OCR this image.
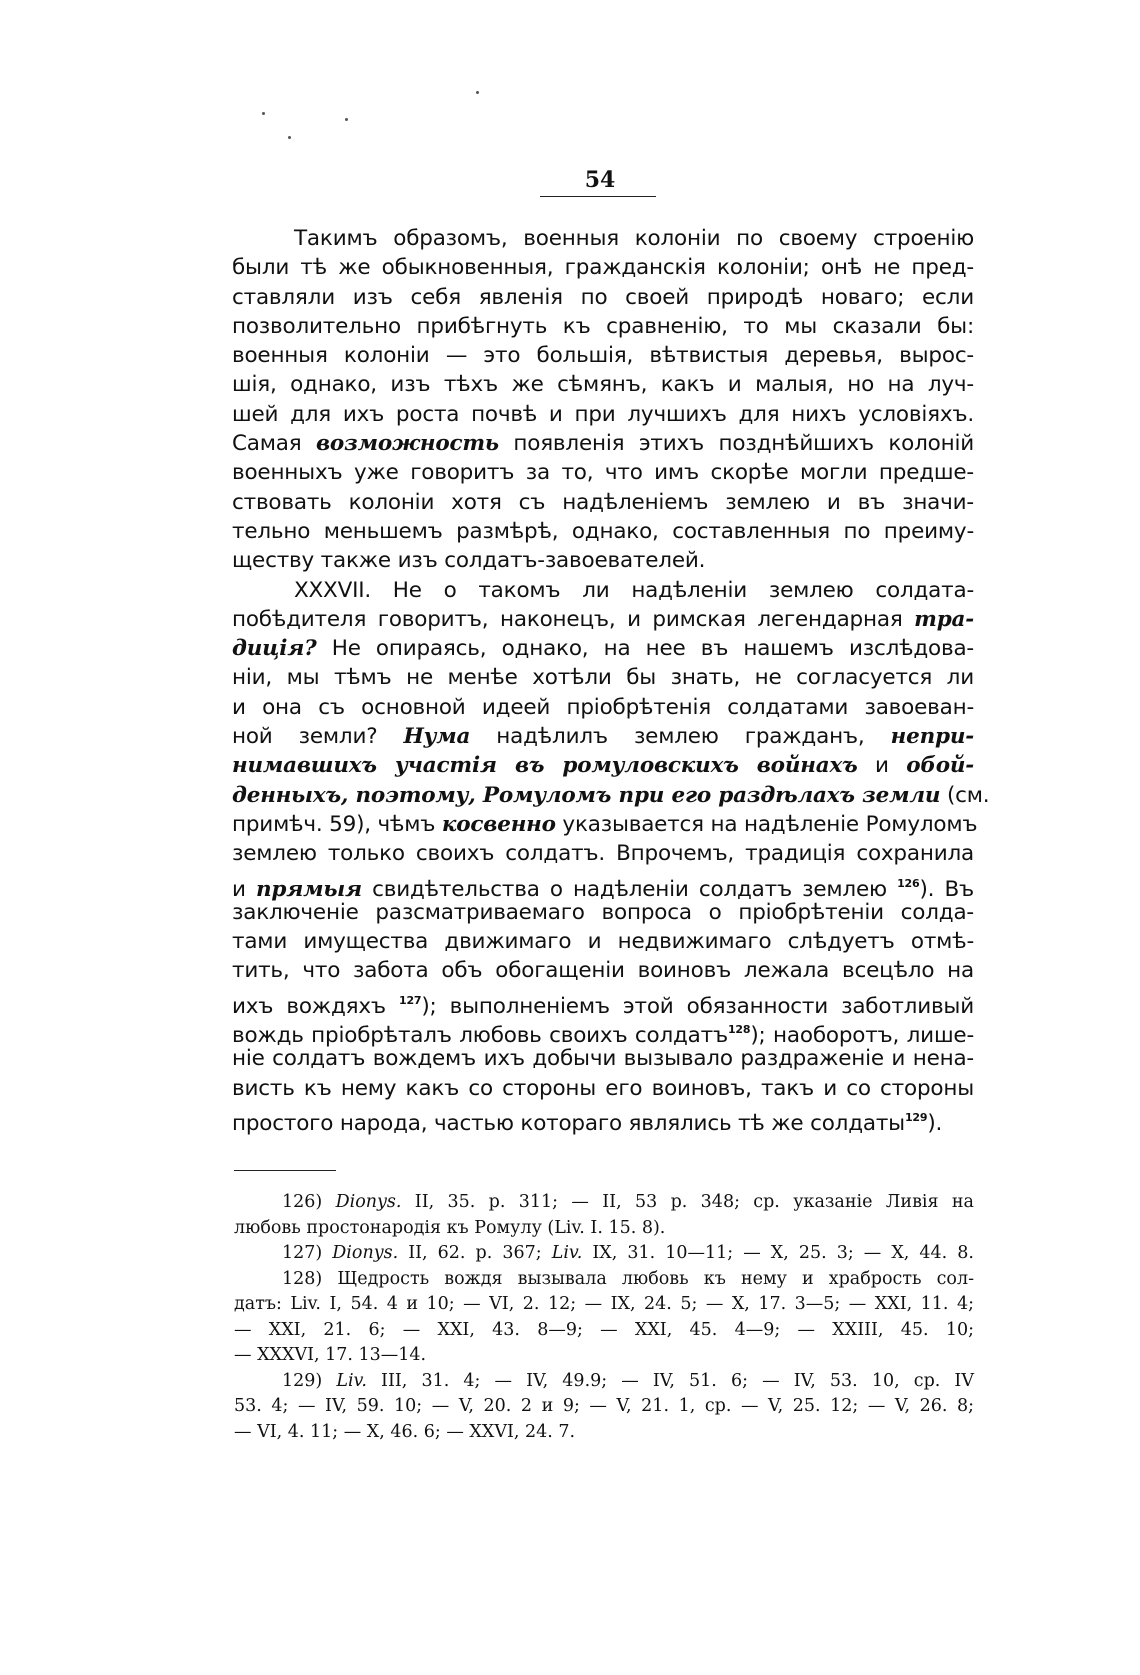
54
Такимъ образомъ, военныя колоніи по своему строенію
были тѣ же обыкновенныя, гражданскія колоніи; онѣ не пред-
ставляли изъ себя явленія по своей природѣ новаго; если
позволительно прибѣгнуть къ сравненію, то мы сказали бы:
военныя колоніи — это большія, вѣтвистыя деревья, вырос-
шія, однако, изъ тѣхъ же сѣмянъ, какъ и малыя, но на луч-
шей для ихъ роста почвѣ и при лучшихъ для нихъ условіяхъ.
Самая возможность появленія этихъ позднѣйшихъ колоній
военныхъ уже говоритъ за то, что имъ скорѣе могли предше-
ствовать колоніи хотя съ надѣленіемъ землею и въ значи-
тельно меньшемъ размѣрѣ, однако, составленныя по преиму-
ществу также изъ солдатъ-завоевателей.
XXXVII. Не о такомъ ли надѣленіи землею солдата-
побѣдителя говоритъ, наконецъ, и римская легендарная тра-
дицiя? Не опираясь, однако, на нее въ нашемъ изслѣдова-
ніи, мы тѣмъ не менѣе хотѣли бы знать, не согласуется ли
и она съ основной идеей пріобрѣтенія солдатами завоеван-
ной земли? Нума надѣлилъ землею гражданъ, непри-
нимавшихъ участія въ ромуловскихъ войнахъ и обой-
денныхъ, поэтому, Ромуломъ при его раздѣлахъ земли (см.
примѣч. 59), чѣмъ косвенно указывается на надѣленіе Ромуломъ
землею только своихъ солдатъ. Впрочемъ, традиція сохранила
и прямыя свидѣтельства о надѣленіи солдатъ землею $^{126}$). Въ
заключеніе разсматриваемаго вопроса о пріобрѣтеніи солда-
тами имущества движимаго и недвижимаго слѣдуетъ отмѣ-
тить, что забота объ обогащеніи воиновъ лежала всецѣло на
ихъ вождяхъ $^{127}$); выполненіемъ этой обязанности заботливый
вождь пріобрѣталъ любовь своихъ солдатъ$^{128}$); наоборотъ, лише-
ніе солдатъ вождемъ ихъ добычи вызывало раздраженіе и нена-
висть къ нему какъ со стороны его воиновъ, такъ и со стороны
простого народа, частью котораго являлись тѣ же солдаты$^{129}$).
126) Dionys. II, 35. p. 311; — II, 53 p. 348; ср. указаніе Ливія на
любовь простонародія къ Ромулу (Liv. I. 15. 8).
127) Dionys. II, 62. p. 367; Liv. IX, 31. 10—11; — X, 25. 3; — X, 44. 8.
128) Щедрость вождя вызывала любовь къ нему и храбрость сол-
датъ: Liv. I, 54. 4 и 10; — VI, 2. 12; — IX, 24. 5; — X, 17. 3—5; — XXI, 11. 4;
— XXI, 21. 6; — XXI, 43. 8—9; — XXI, 45. 4—9; — XXIII, 45. 10;
— XXXVI, 17. 13—14.
129) Liv. III, 31. 4; — IV, 49.9; — IV, 51. 6; — IV, 53. 10, ср. IV
53. 4; — IV, 59. 10; — V, 20. 2 и 9; — V, 21. 1, ср. — V, 25. 12; — V, 26. 8;
— VI, 4. 11; — X, 46. 6; — XXVI, 24. 7.
